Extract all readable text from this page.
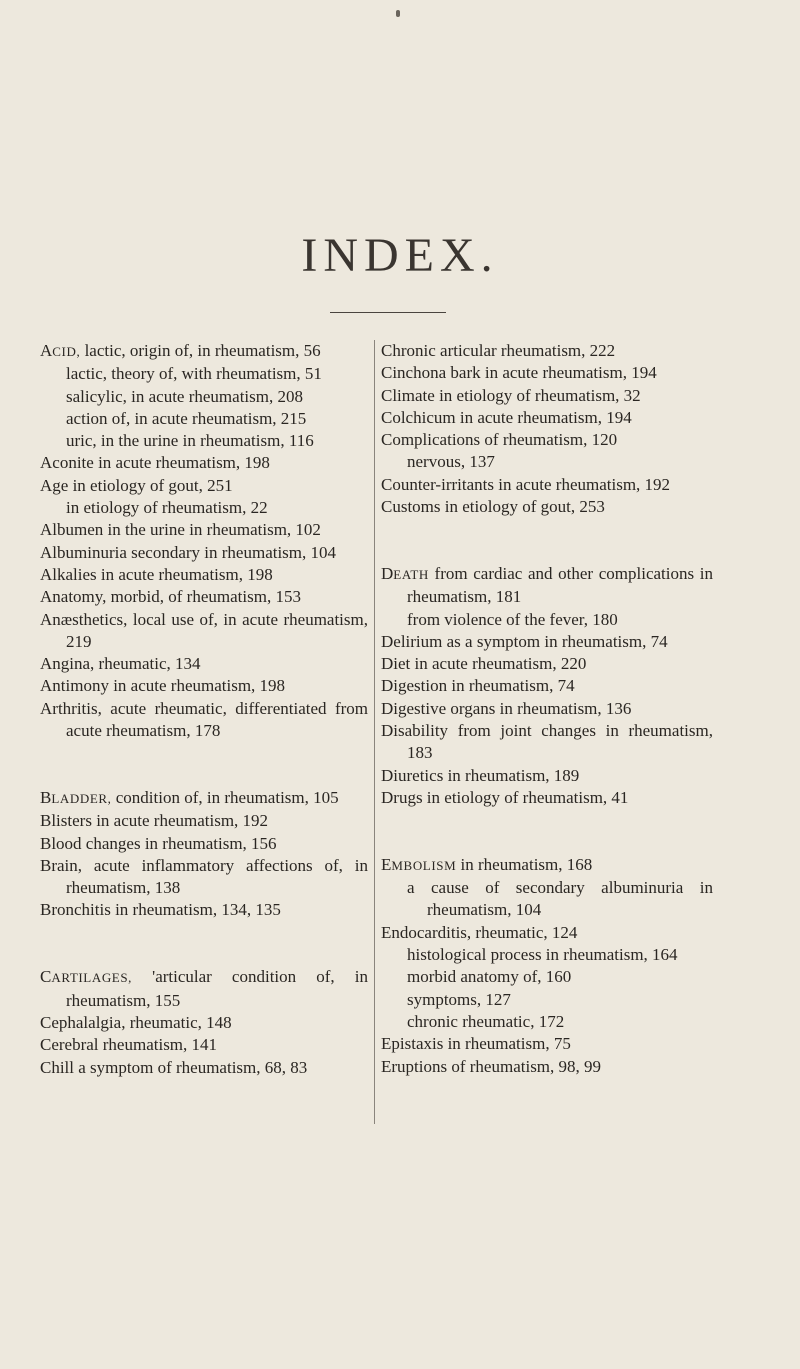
INDEX.
ACID, lactic, origin of, in rheumatism, 56
lactic, theory of, with rheumatism, 51
salicylic, in acute rheumatism, 208
action of, in acute rheumatism, 215
uric, in the urine in rheumatism, 116
Aconite in acute rheumatism, 198
Age in etiology of gout, 251
in etiology of rheumatism, 22
Albumen in the urine in rheumatism, 102
Albuminuria secondary in rheumatism, 104
Alkalies in acute rheumatism, 198
Anatomy, morbid, of rheumatism, 153
Anæsthetics, local use of, in acute rheumatism, 219
Angina, rheumatic, 134
Antimony in acute rheumatism, 198
Arthritis, acute rheumatic, differentiated from acute rheumatism, 178
BLADDER, condition of, in rheumatism, 105
Blisters in acute rheumatism, 192
Blood changes in rheumatism, 156
Brain, acute inflammatory affections of, in rheumatism, 138
Bronchitis in rheumatism, 134, 135
CARTILAGES, 'articular condition of, in rheumatism, 155
Cephalalgia, rheumatic, 148
Cerebral rheumatism, 141
Chill a symptom of rheumatism, 68, 83
Chronic articular rheumatism, 222
Cinchona bark in acute rheumatism, 194
Climate in etiology of rheumatism, 32
Colchicum in acute rheumatism, 194
Complications of rheumatism, 120
nervous, 137
Counter-irritants in acute rheumatism, 192
Customs in etiology of gout, 253
DEATH from cardiac and other complications in rheumatism, 181
from violence of the fever, 180
Delirium as a symptom in rheumatism, 74
Diet in acute rheumatism, 220
Digestion in rheumatism, 74
Digestive organs in rheumatism, 136
Disability from joint changes in rheumatism, 183
Diuretics in rheumatism, 189
Drugs in etiology of rheumatism, 41
EMBOLISM in rheumatism, 168
a cause of secondary albuminuria in rheumatism, 104
Endocarditis, rheumatic, 124
histological process in rheumatism, 164
morbid anatomy of, 160
symptoms, 127
chronic rheumatic, 172
Epistaxis in rheumatism, 75
Eruptions of rheumatism, 98, 99
